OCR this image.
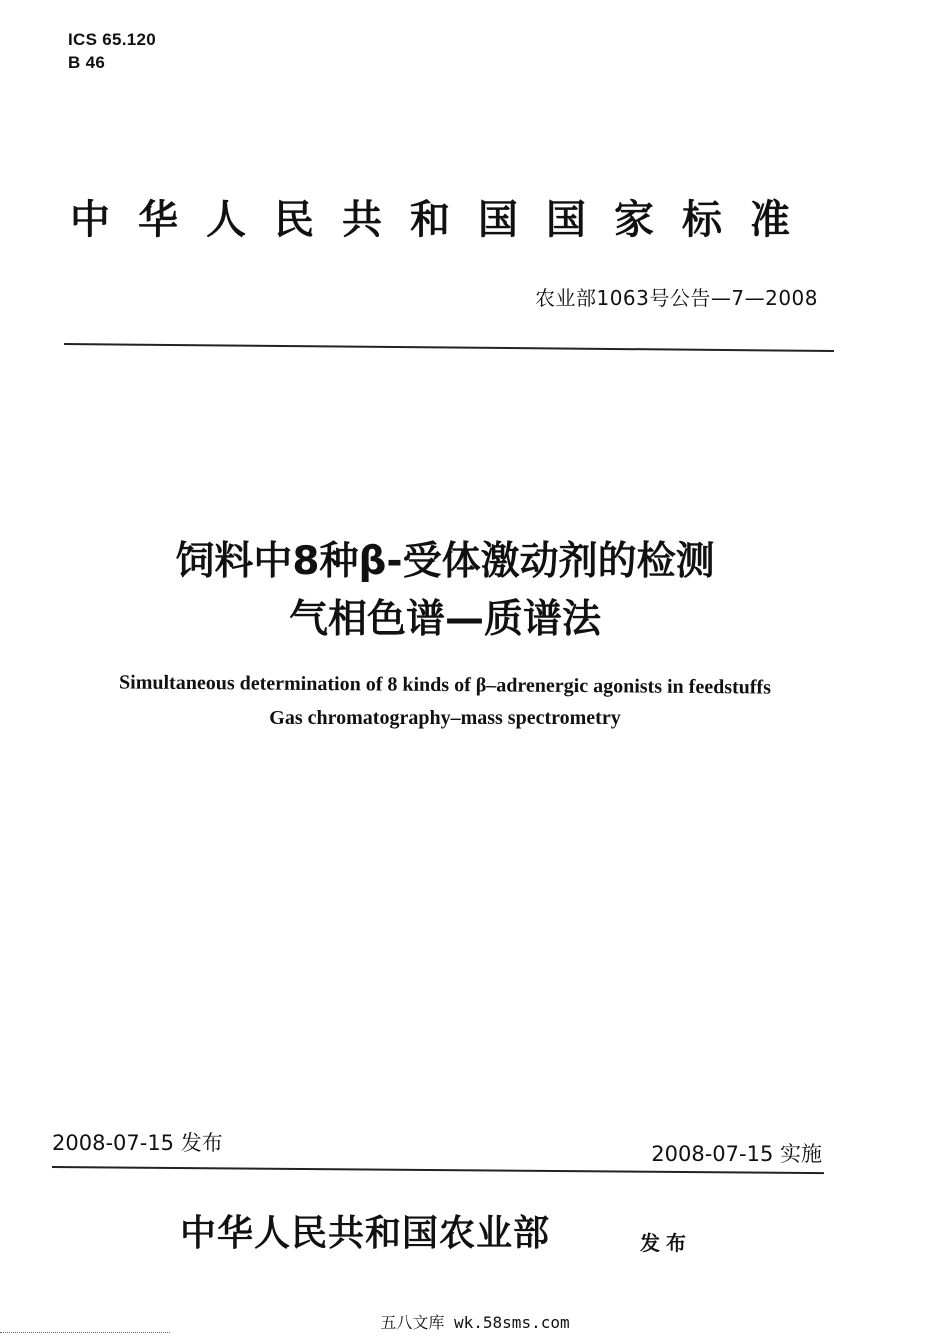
ICS 65.120
B 46
中华人民共和国国家标准
农业部1063号公告—7—2008
饲料中8种β-受体激动剂的检测
气相色谱—质谱法
Simultaneous determination of 8 kinds of β–adrenergic agonists in feedstuffs
Gas chromatography–mass spectrometry
2008-07-15 发布	2008-07-15 实施
中华人民共和国农业部	发布
五八文库 wk.58sms.com
